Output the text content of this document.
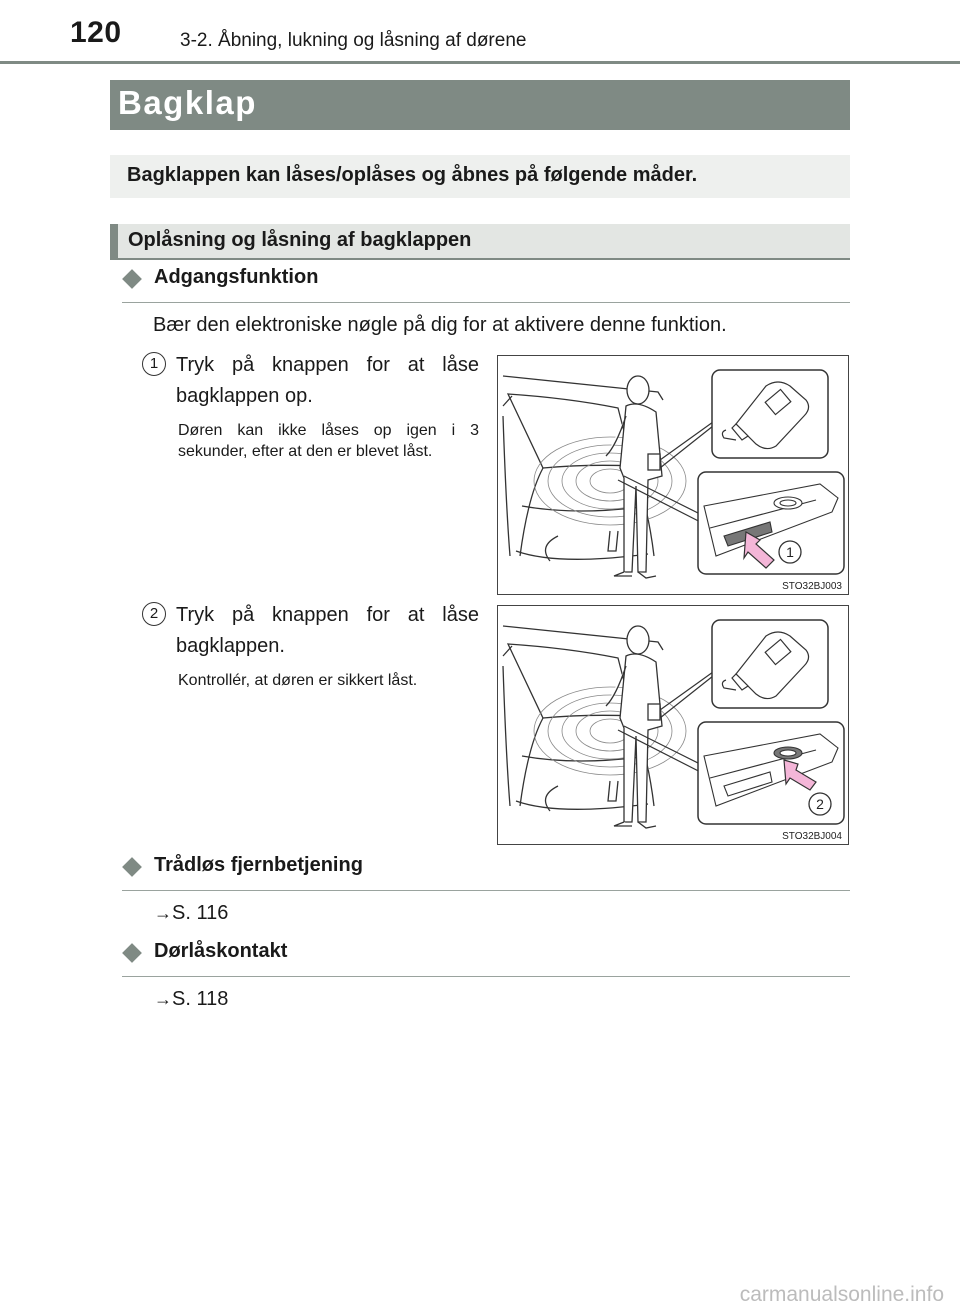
120	3-2. Åbning, lukning og låsning af dørene
Bagklap
Bagklappen kan låses/oplåses og åbnes på følgende måder.
Oplåsning og låsning af bagklappen
Adgangsfunktion
Bær den elektroniske nøgle på dig for at aktivere denne funktion.
1 Tryk på knappen for at låse bagklappen op.
Døren kan ikke låses op igen i 3 sekunder, efter at den er blevet låst.
1
STO32BJ003
2 Tryk på knappen for at låse bagklappen.
Kontrollér, at døren er sikkert låst.
2
STO32BJ004
Trådløs fjernbetjening
→S. 116
Dørlåskontakt
→S. 118
carmanualsonline.info
